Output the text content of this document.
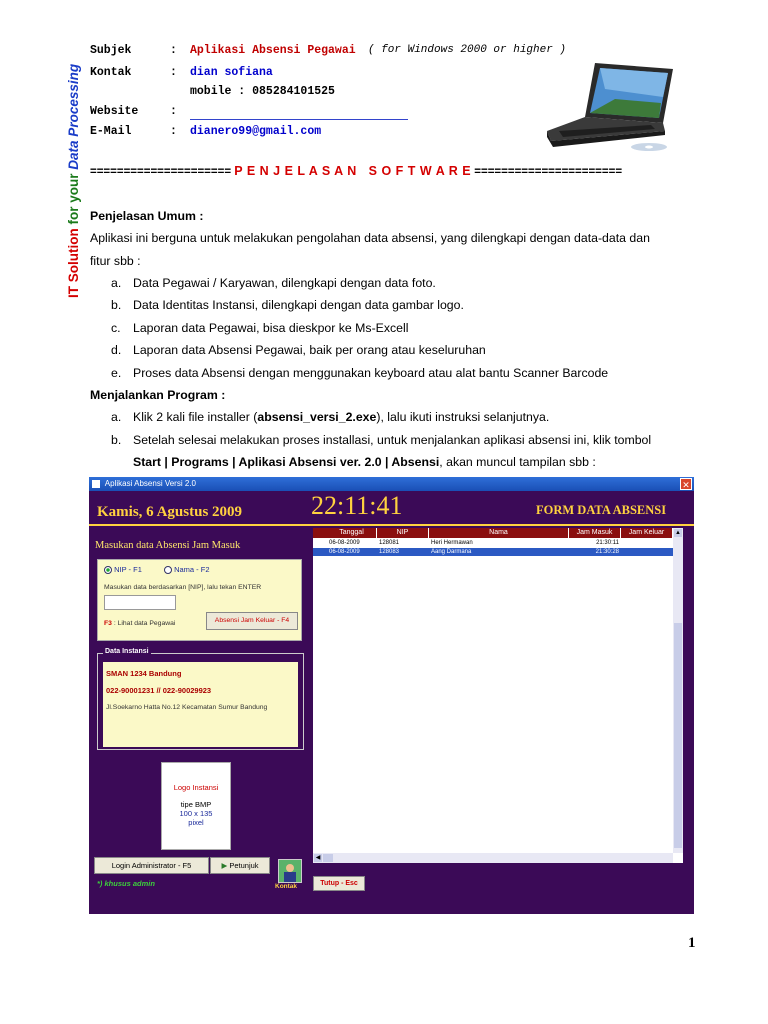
IT Solution for your Data Processing
Subjek	: Aplikasi Absensi Pegawai ( for Windows 2000 or higher )
Kontak	: dian sofiana
mobile : 085284101525
Website	:
E-Mail	: dianero99@gmail.com
===================== P E N J E L A S A N   S O F T W A R E ======================
Penjelasan Umum :
Aplikasi ini berguna untuk melakukan pengolahan data absensi, yang dilengkapi dengan data-data dan
fitur sbb :
a. Data Pegawai / Karyawan, dilengkapi dengan data foto.
b. Data Identitas Instansi, dilengkapi dengan data gambar logo.
c. Laporan data Pegawai, bisa dieskpor ke Ms-Excell
d. Laporan data Absensi Pegawai, baik per orang atau keseluruhan
e. Proses data Absensi dengan menggunakan keyboard atau alat bantu Scanner Barcode
Menjalankan Program :
a. Klik 2 kali file installer (absensi_versi_2.exe), lalu ikuti instruksi selanjutnya.
b. Setelah selesai melakukan proses installasi, untuk menjalankan aplikasi absensi ini, klik tombol
Start | Programs | Aplikasi Absensi ver. 2.0 | Absensi, akan muncul tampilan sbb :
Aplikasi Absensi Versi 2.0	✕
Kamis, 6 Agustus 2009	22:11:41	FORM DATA ABSENSI
Masukan data Absensi Jam Masuk
NIP - F1	Nama - F2
Masukan data berdasarkan [NIP], lalu tekan ENTER
F3 : Lihat data Pegawai	Absensi Jam Keluar - F4
Data Instansi
SMAN 1234 Bandung
022-90001231 // 022-90029923
Jl.Soekarno Hatta No.12 Kecamatan Sumur Bandung
Logo Instansi
tipe BMP
100 x 135
pixel
Login Administrator - F5	▶ Petunjuk
*) khusus admin	Kontak
Tanggal	NIP	Nama	Jam Masuk	Jam Keluar
06-08-2009	128081	Heri Hermawan	21:30:11
06-08-2009	128083	Aang Darmana	21:30:28
▲
◀
Tutup - Esc
1
